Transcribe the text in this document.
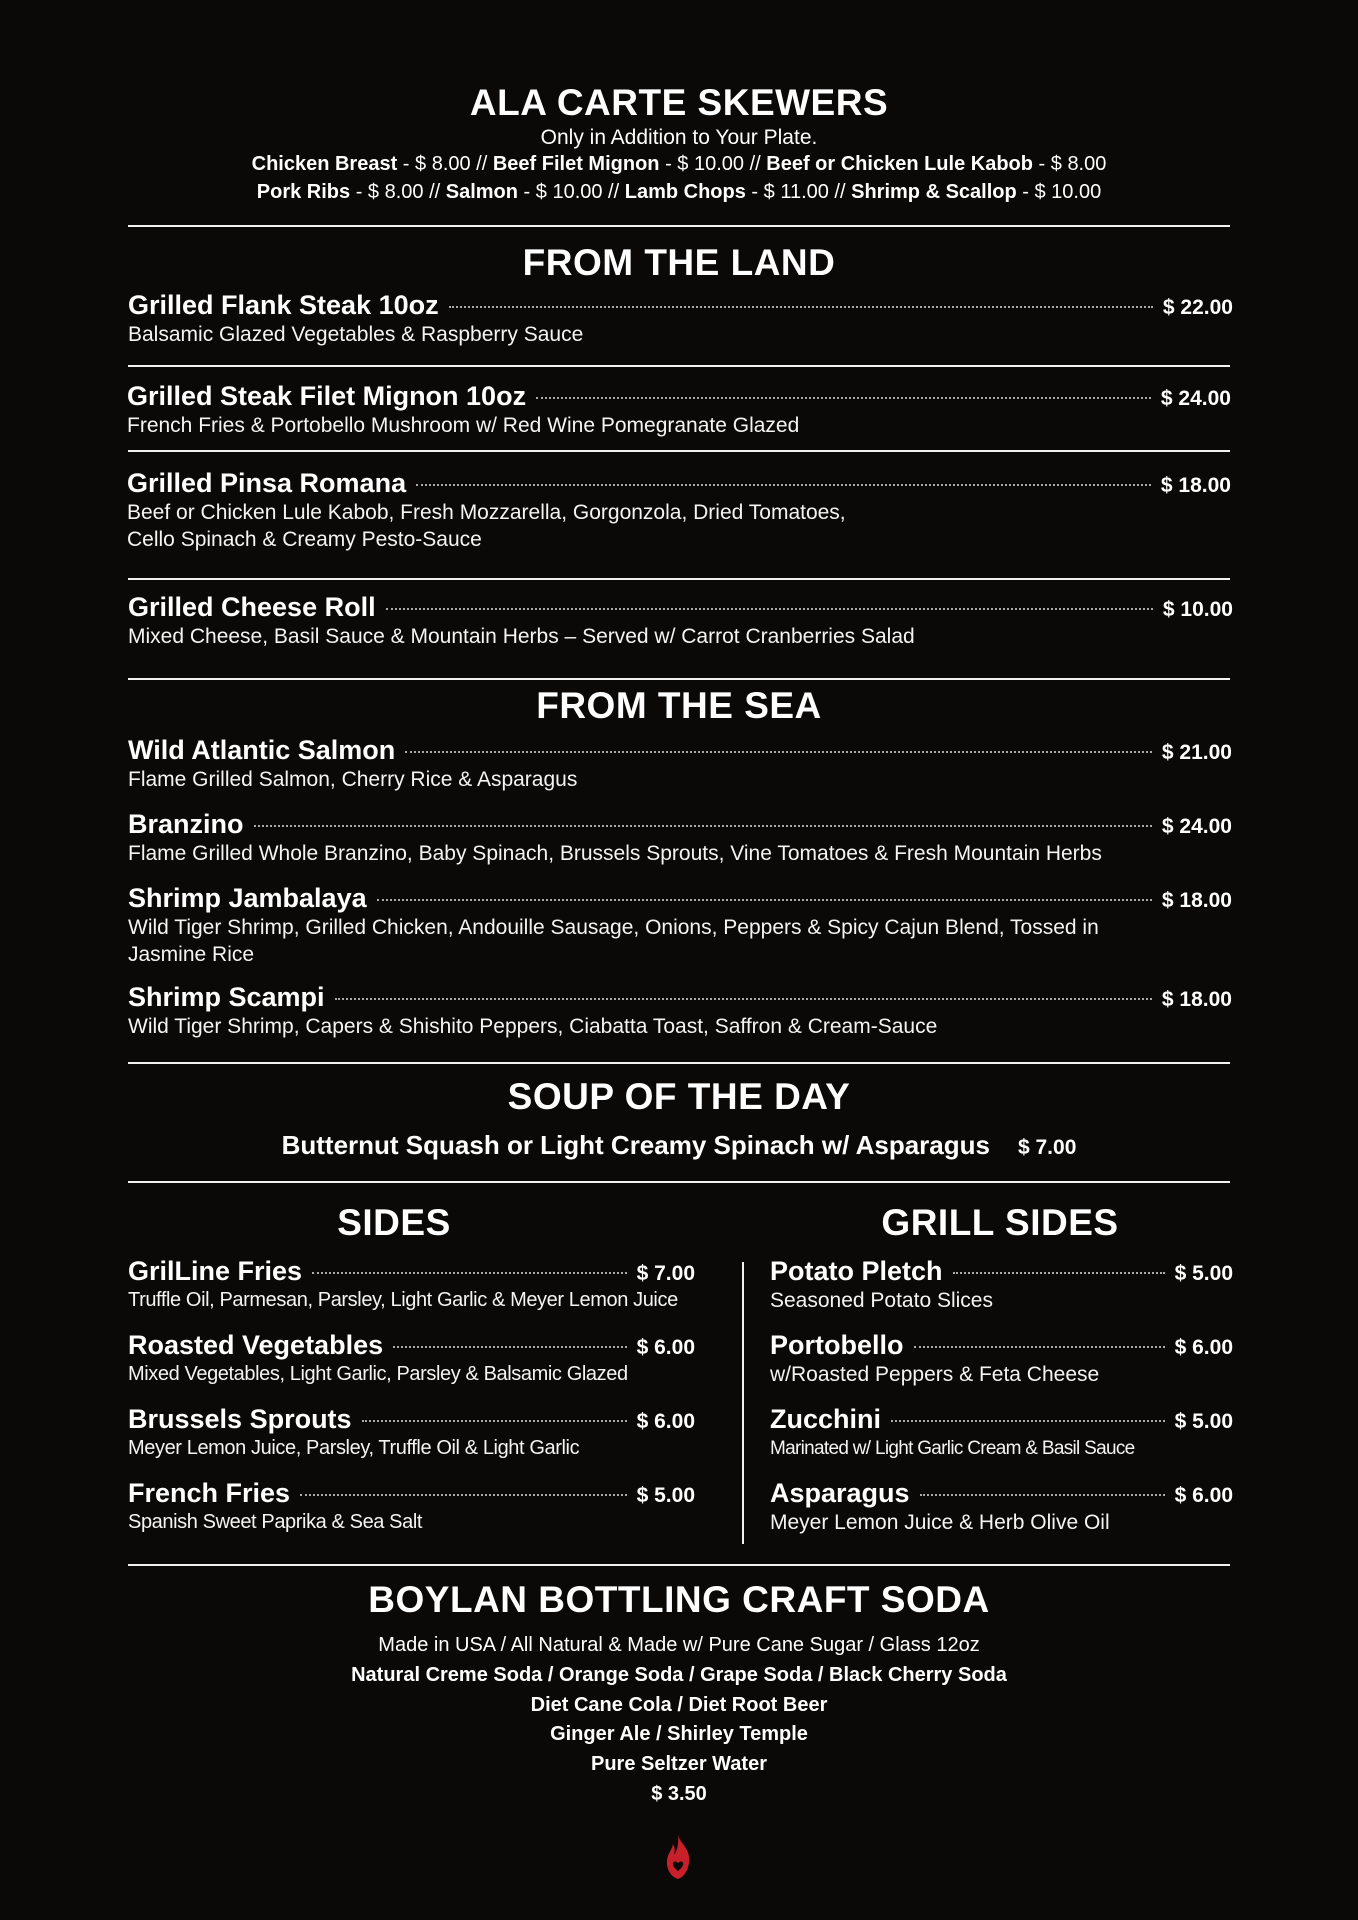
ALA CARTE SKEWERS
Only in Addition to Your Plate.
Chicken Breast - $ 8.00 // Beef Filet Mignon - $ 10.00 // Beef or Chicken Lule Kabob - $ 8.00
Pork Ribs - $ 8.00 // Salmon - $ 10.00 // Lamb Chops - $ 11.00 // Shrimp & Scallop - $ 10.00
FROM THE LAND
Grilled Flank Steak 10oz	$ 22.00
Balsamic Glazed Vegetables & Raspberry Sauce
Grilled Steak Filet Mignon 10oz	$ 24.00
French Fries & Portobello Mushroom w/ Red Wine Pomegranate Glazed
Grilled Pinsa Romana	$ 18.00
Beef or Chicken Lule Kabob, Fresh Mozzarella, Gorgonzola, Dried Tomatoes,
Cello Spinach & Creamy Pesto-Sauce
Grilled Cheese Roll	$ 10.00
Mixed Cheese, Basil Sauce & Mountain Herbs – Served w/ Carrot Cranberries Salad
FROM THE SEA
Wild Atlantic Salmon	$ 21.00
Flame Grilled Salmon, Cherry Rice & Asparagus
Branzino	$ 24.00
Flame Grilled Whole Branzino, Baby Spinach, Brussels Sprouts, Vine Tomatoes & Fresh Mountain Herbs
Shrimp Jambalaya	$ 18.00
Wild Tiger Shrimp, Grilled Chicken, Andouille Sausage, Onions, Peppers & Spicy Cajun Blend, Tossed in
Jasmine Rice
Shrimp Scampi	$ 18.00
Wild Tiger Shrimp, Capers & Shishito Peppers, Ciabatta Toast, Saffron & Cream-Sauce
SOUP OF THE DAY
Butternut Squash or Light Creamy Spinach w/ Asparagus $ 7.00
SIDES	GRILL SIDES
GrilLine Fries	$ 7.00
Truffle Oil, Parmesan, Parsley, Light Garlic & Meyer Lemon Juice
Roasted Vegetables	$ 6.00
Mixed Vegetables, Light Garlic, Parsley & Balsamic Glazed
Brussels Sprouts	$ 6.00
Meyer Lemon Juice, Parsley, Truffle Oil & Light Garlic
French Fries	$ 5.00
Spanish Sweet Paprika & Sea Salt
Potato Pletch	$ 5.00
Seasoned Potato Slices
Portobello	$ 6.00
w/Roasted Peppers & Feta Cheese
Zucchini	$ 5.00
Marinated w/ Light Garlic Cream & Basil Sauce
Asparagus	$ 6.00
Meyer Lemon Juice & Herb Olive Oil
BOYLAN BOTTLING CRAFT SODA
Made in USA / All Natural & Made w/ Pure Cane Sugar / Glass 12oz
Natural Creme Soda / Orange Soda / Grape Soda / Black Cherry Soda
Diet Cane Cola / Diet Root Beer
Ginger Ale / Shirley Temple
Pure Seltzer Water
$ 3.50
